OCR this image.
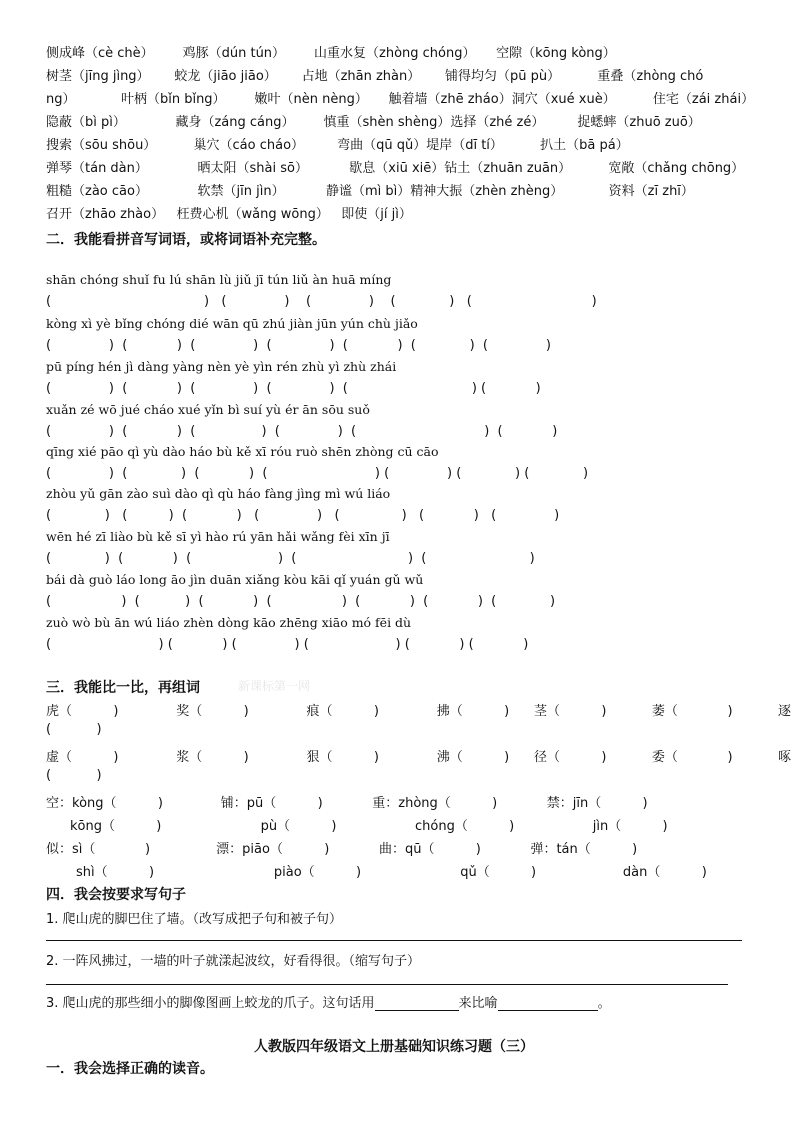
侧成峰（cè chè） 鸡豚（dún tún） 山重水复（zhòng chóng） 空隙（kōng kòng）
树茎（jīng jìng） 蛟龙（jiāo jiāo） 占地（zhān zhàn） 铺得均匀（pū pù）	重叠（zhòng chó
ng）	叶柄（bǐn bǐng） 嫩叶（nèn nèng） 触着墙（zhē zháo）洞穴（xué xuè）	住宅（zái zhái）
隐蔽（bì pì）	藏身（záng cáng） 慎重（shèn shèng）选择（zhé zé）	捉蟋蟀（zhuō zuō）
搜索（sōu shōu）	巢穴（cáo cháo）	弯曲（qū qǔ）堤岸（dī tí）	扒土（bā pá）
弹琴（tán dàn）	晒太阳（shài sō）	歇息（xiū xiē）钻土（zhuān zuān）	宽敞（chǎng chōng）
粗糙（zào cāo）	软禁（jīn jìn）	静谧（mì bì）精神大振（zhèn zhèng）	资料（zī zhī）
召开（zhāo zhào） 枉费心机（wǎng wōng） 即使（jí jì）
二．我能看拼音写词语，或将词语补充完整。
shān chóng shuǐ fu lú shān lù jiǔ jī tún liǔ àn huā míng
(                                     )   (              )    (              )    (             )   (                             )
kòng xì yè bǐng chóng dié wān qū zhú jiàn jūn yún chù jiǎo
(              )  (            )  (              )  (              )  (            )  (             )  (              )
pū píng hén jì dàng yàng nèn yè yìn rén zhù yì zhù zhái
(              )  (            )  (              )  (              )  (                              ) (            )
xuǎn zé wō jué cháo xué yǐn bì suí yù ér ān sōu suǒ
(              )  (            )  (                )  (              )  (                               )  (            )
qīng xié pāo qì yù dào háo bù kě xī róu ruò shēn zhòng cū cāo
(              )  (             )  (            )  (                          ) (              ) (             ) (             )
zhòu yǔ gān zào suì dào qì qù háo fàng jìng mì wú liáo
(             )   (          )  (            )   (              )   (               )   (            )   (              )
wēn hé zī liào bù kě sī yì hào rú yān hǎi wǎng fèi xīn jī
(             )  (            )  (                     )  (                           )  (                         )
bái dà guò láo long āo jìn duān xiǎng kòu kāi qǐ yuán gǔ wǔ
(                 )  (           )  (            )  (                 )  (            )  (            )  (             )
zuò wò bù ān wú liáo zhèn dòng kāo zhēng xiāo mó fēi dù
(                          ) (            ) (              ) (                     ) (            ) (            )
三．我能比一比，再组词	新课标第一网
虎（          )              奖（          )              痕（          )              拂（          )      茎（          )           萎（            )           逐
(           )
虚（          )              浆（          )              狠（          )              沸（          )      径（          )           委（            )           啄
(           )
空：kòng（          )              铺：pū（          )            重：zhòng（          )            禁：jīn（          )
kōng（          )                        pù（          )                   chóng（          )                   jìn（          )
似：sì（            )                漂：piāo（          )            曲：qū（          )            弹：tán（          )
shì（          )                             piào（          )                        qǔ（          )                     dàn（          )
四．我会按要求写句子
1. 爬山虎的脚巴住了墙。（改写成把子句和被子句）
2. 一阵风拂过，一墙的叶子就漾起波纹，好看得很。（缩写句子）
3. 爬山虎的那些细小的脚像图画上蛟龙的爪子。这句话用	来比喻	。
人教版四年级语文上册基础知识练习题（三）
一．我会选择正确的读音。
